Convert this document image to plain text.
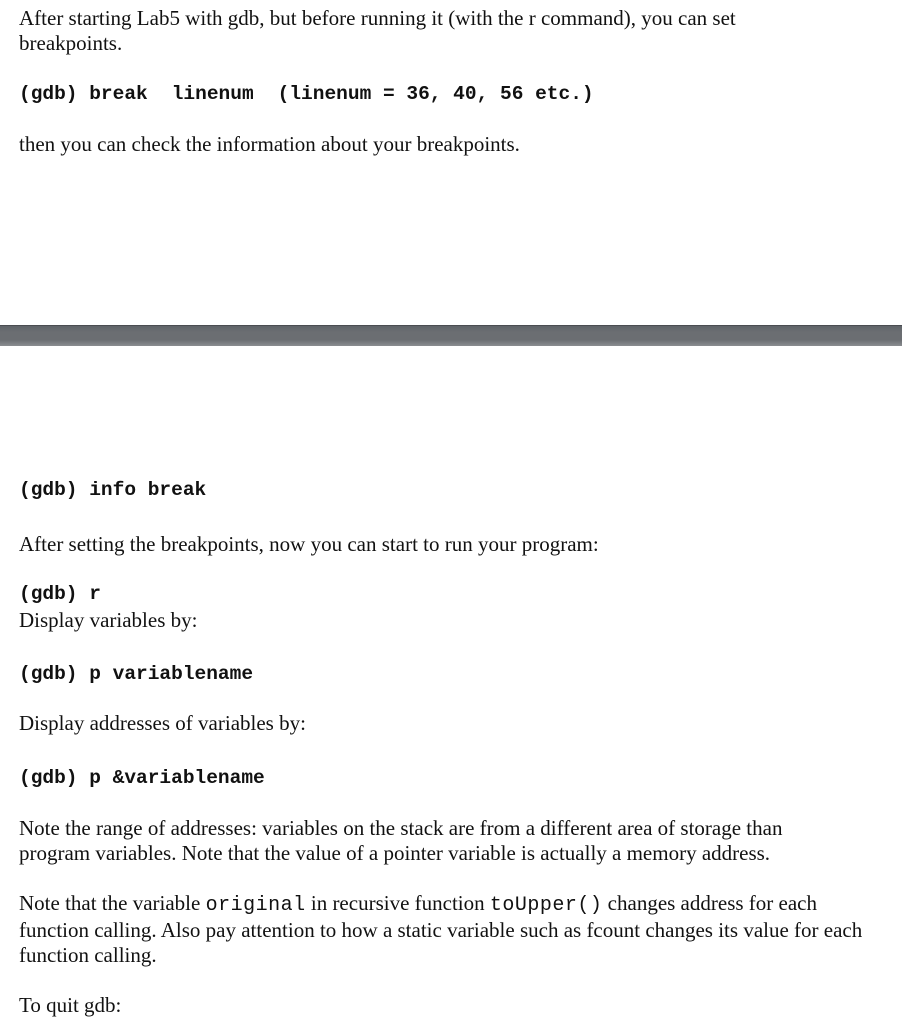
After starting Lab5 with gdb, but before running it (with the r command), you can set breakpoints.

(gdb) break linenum (linenum = 36, 40, 56 etc.)

then you can check the information about your breakpoints.

(gdb) info break

After setting the breakpoints, now you can start to run your program:

(gdb) r

Display variables by:

(gdb) p variablename

Display addresses of variables by:

(gdb) p &variablename

Note the range of addresses: variables on the stack are from a different area of storage than program variables. Note that the value of a pointer variable is actually a memory address.

Note that the variable original in recursive function toUpper() changes address for each function calling. Also pay attention to how a static variable such as fcount changes its value for each function calling.

To quit gdb:
